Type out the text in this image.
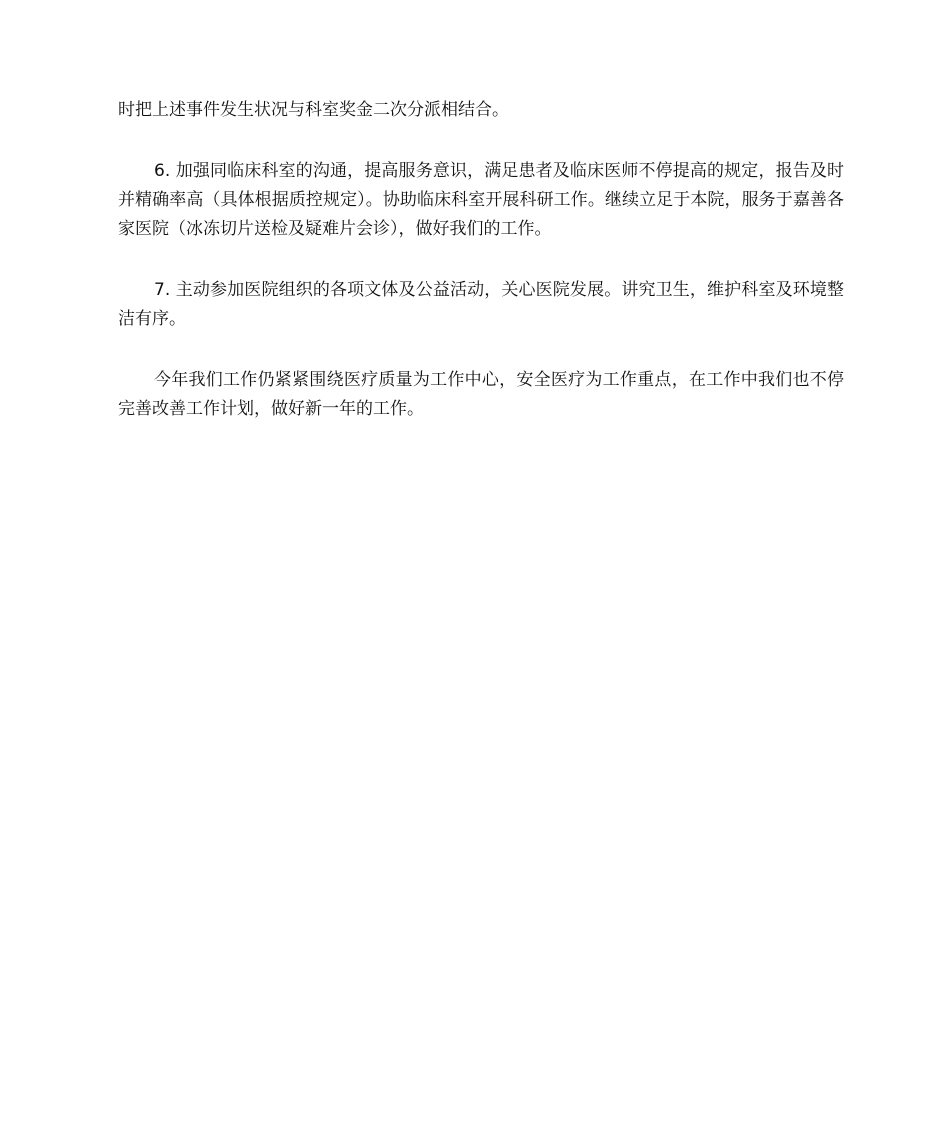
时把上述事件发生状况与科室奖金二次分派相结合。

6. 加强同临床科室的沟通，提高服务意识，满足患者及临床医师不停提高的规定，报告及时并精确率高（具体根据质控规定）。协助临床科室开展科研工作。继续立足于本院，服务于嘉善各家医院（冰冻切片送检及疑难片会诊），做好我们的工作。

7. 主动参加医院组织的各项文体及公益活动，关心医院发展。讲究卫生，维护科室及环境整洁有序。

今年我们工作仍紧紧围绕医疗质量为工作中心，安全医疗为工作重点，在工作中我们也不停完善改善工作计划，做好新一年的工作。
